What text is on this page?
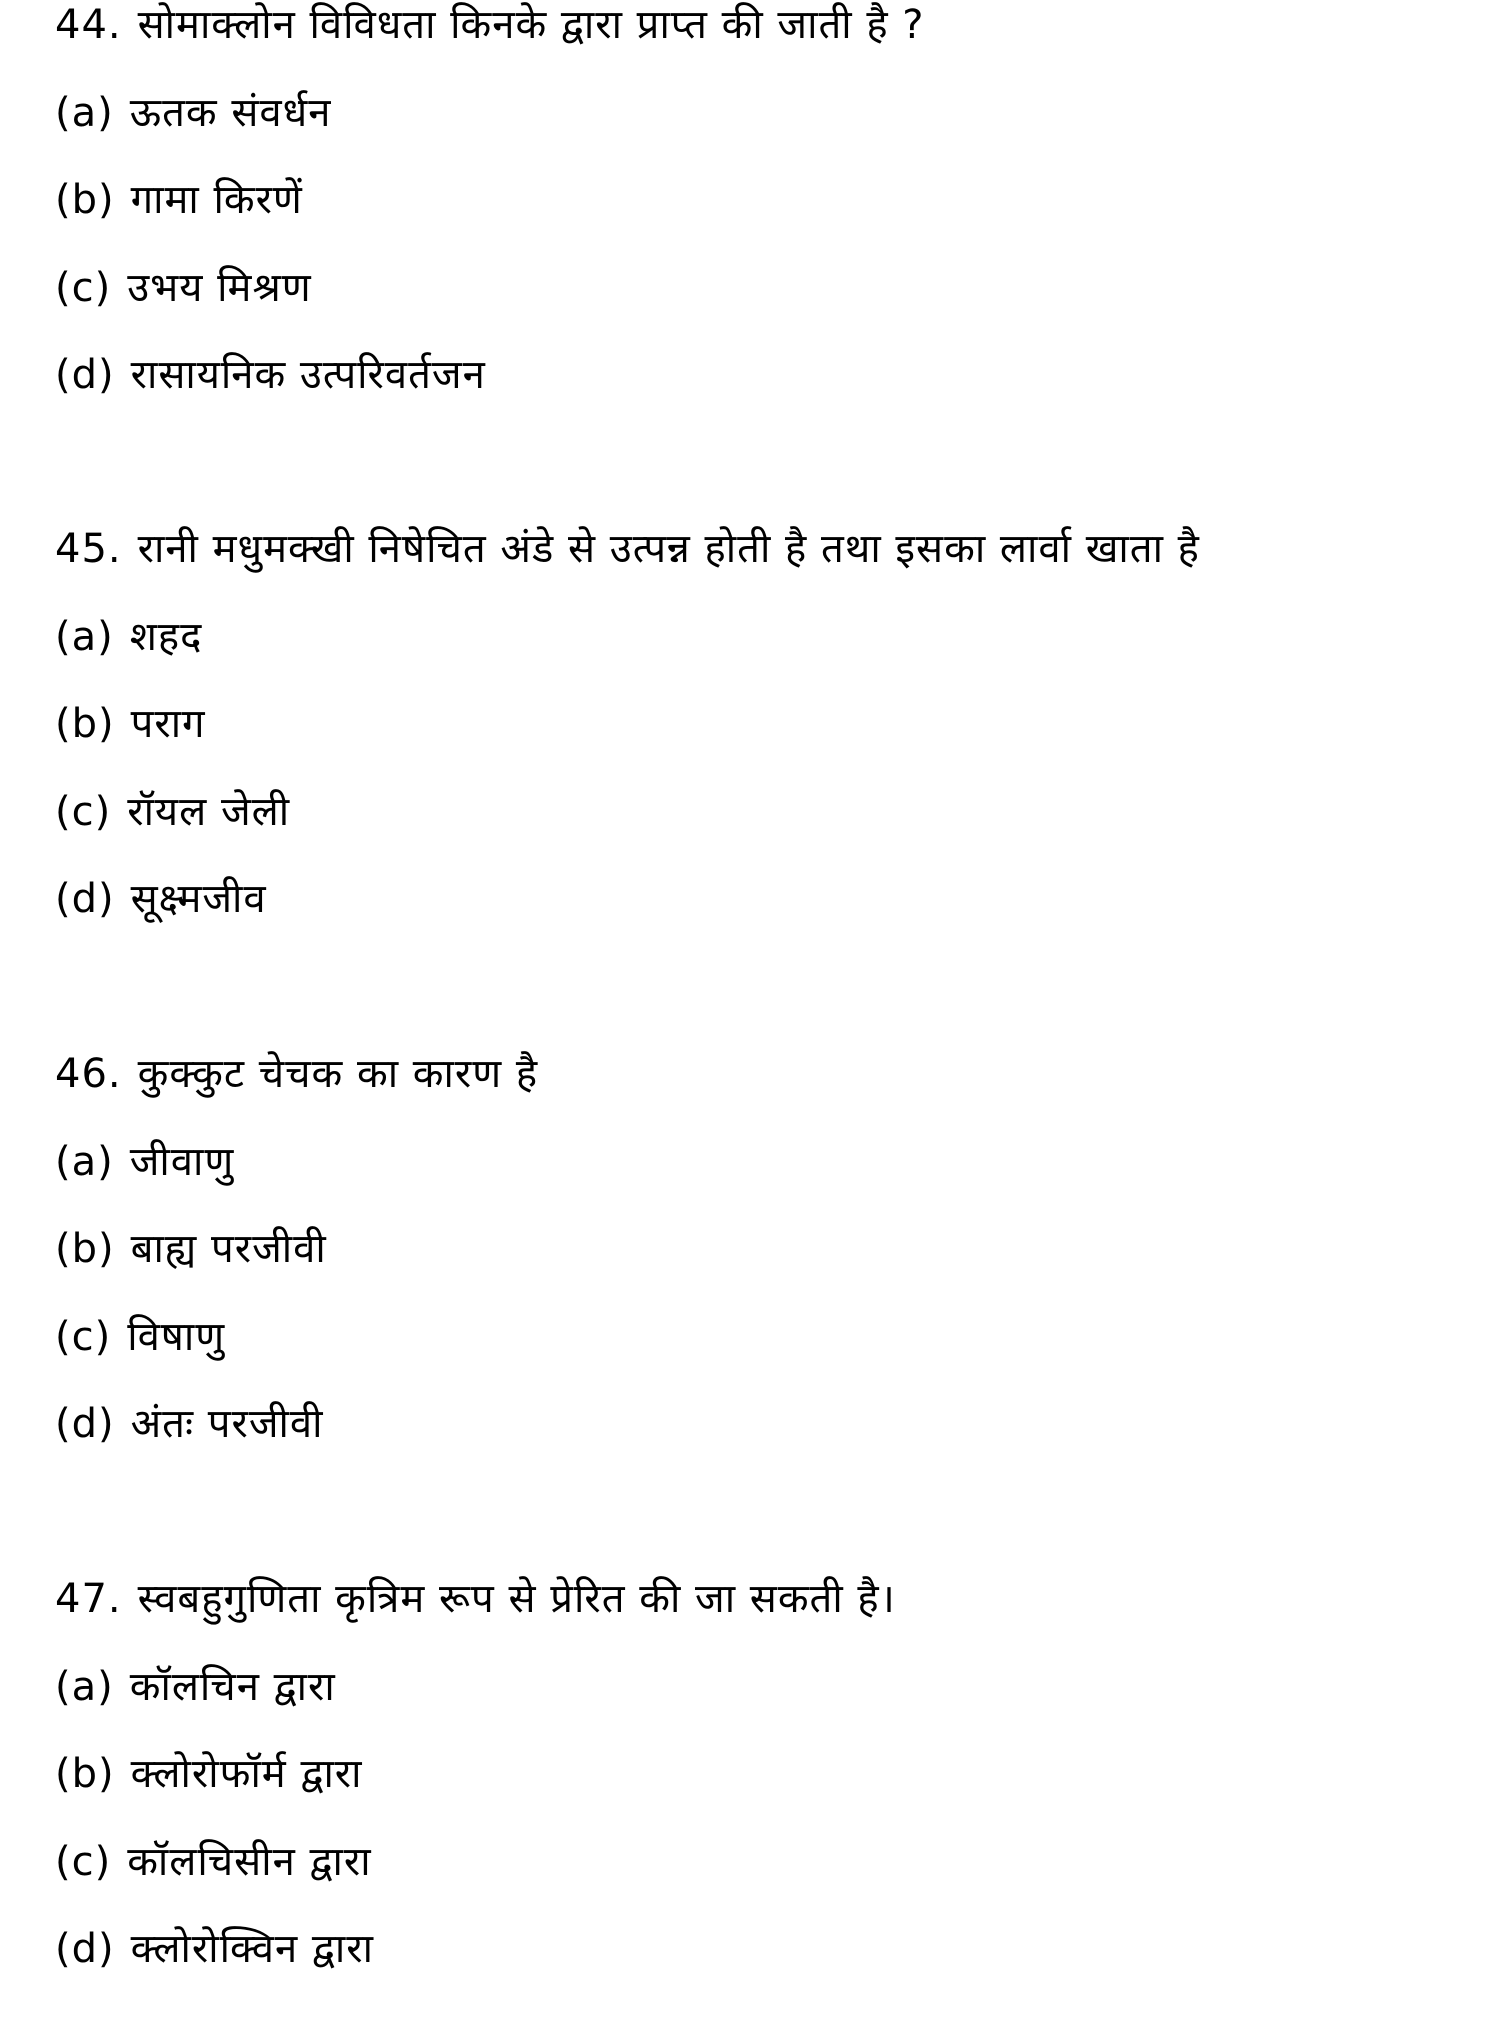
44. सोमाक्लोन विविधता किनके द्वारा प्राप्त की जाती है ?
(a) ऊतक संवर्धन
(b) गामा किरणें
(c) उभय मिश्रण
(d) रासायनिक उत्परिवर्तजन
45. रानी मधुमक्खी निषेचित अंडे से उत्पन्न होती है तथा इसका लार्वा खाता है
(a) शहद
(b) पराग
(c) रॉयल जेली
(d) सूक्ष्मजीव
46. कुक्कुट चेचक का कारण है
(a) जीवाणु
(b) बाह्य परजीवी
(c) विषाणु
(d) अंतः परजीवी
47. स्वबहुगुणिता कृत्रिम रूप से प्रेरित की जा सकती है।
(a) कॉलचिन द्वारा
(b) क्लोरोफॉर्म द्वारा
(c) कॉलचिसीन द्वारा
(d) क्लोरोक्विन द्वारा
